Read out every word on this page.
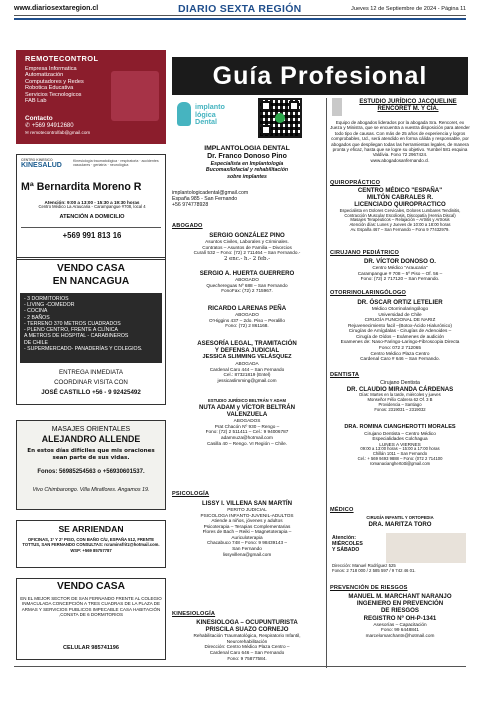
www.diariosextaregion.cl	DIARIO SEXTA REGIÓN	Jueves 12 de Septiembre de 2024 - Página 11
REMOTECONTROL
Empresa Informatica
Automatización
Computadores y Redes
Robotica Educativa
Servicios Tecnologicos
FAB Lab
Contacto
✆ +569 94912680
✉ remotecontrolfab@gmail.com
CENTRO KINESICO
KINESALUD
Kinesiología traumatológica · respiratoria · accidentes vasculares · geriatría · neurológica
Mª Bernardita Moreno R
Atención: 9:00 a 13:00 - 15:30 a 19:30 horas
Centro Médico La Araucaria - Carampangue #708, local 4
ATENCIÓN A DOMICILIO
+569 991 813 16
VENDO CASA
EN NANCAGUA
- 3 DORMITORIOS
- LIVING -COMEDOR
- COCINA
- 2 BAÑOS
- TERRENO 370 METROS CUADRADOS
- PLENO CENTRO, FRENTE A CLÍNICA
A METROS DE HOSPITAL - CARABINEROS
DE CHILE
- SUPERMERCADO- PANADERÍAS Y COLEGIOS.
ENTREGA INMEDIATA
COORDINAR VISITA CON
JOSÉ CASTILLO +56 - 9 92425492
MASAJES ORIENTALES
ALEJANDRO ALLENDE
En estos días difíciles que mis oraciones sean parte de sus vidas.
Fonos: 56985254563 o +56930601537.
Vivo Chimbarongo. Villa Miraflores. Angamos 19.
SE ARRIENDAN
OFICINAS, 1º Y 2º PISO, CON BAÑO C/U, ESPAÑA 512, FRENTE TOTTUS, SAN FERNANDO CONSULTAS: rcraminsfritz@hotmail.com. WSP: +569 85757787
VENDO CASA
EN EL MEJOR SECTOR DE SAN FERNANDO FRENTE AL COLEGIO INMACULADA CONCEPCIÓN A TRES CUADRAS DE LA PLAZA DE ARMAS Y SERVICIOS PUBLICOS IMPECABLE CASA HABITACIÓN ,CONSTA DE 6 DORMITORIOS
CELULAR 985741196
Guía Profesional
implanto
lógica
Dental
IMPLANTOLOGIA DENTAL
Dr. Franco Donoso Pino
Especialista en Implantología
Bucomaxilofacial y rehabilitación
sobre implantes
implantologicadental@gmail.com
España 985 - San Fernando
+56 974778928
ABOGADO
SERGIO GONZÁLEZ PINO
Asuntos Civiles, Laborales y Criminales.
Contratos – Asuntos de Familia – Divorcios
Curalí 532 – Fono: (72) 2 711464 – San Fernando.-
2 enc.- h.- 2 feb.-
SERGIO A. HUERTA GUERRERO
ABOGADO
Quechereguas Nº 688 – San Fernando
FonoFax: (72) 2 715967.
RICARDO LARENAS PEÑA
ABOGADO
O'Higgins 437 – 2do. Piso – Peralillo
Fono: (72) 2 861168.
ASESORÍA LEGAL, TRAMITACIÓN
Y DEFENSA JUDICIAL
JESSICA SLIMMING VELÁSQUEZ
ABOGADA
Cardenal Caro 444 – San Fernando
Cel.: 87321819 (Entel)
jessicaslimming@gmail.com
ESTUDIO JURÍDICO BELTRÁN Y ADAM
NUTA ADAM y VÍCTOR BELTRÁN
VALENZUELA
ABOGADOS
Prat Chacón Nº 930 – Rengo –
Fono: (72) 2 511411 – Cel.: 9 94006787
adamnuza@hotmail.com
Casilla 40 – Rengo. VI Región – Chile.
PSICOLOGÍA
LISSY I. VILLENA SAN MARTÍN
PERITO JUDICIAL
PSICOLOGA INFANTO-JUVENIL-ADULTOS
Atiende a niños, jóvenes y adultos
Psicoterapia – Terapias Complementarias
Flores de Bach – Reiki – Magnetoterapia –
Auriculoterapia
Chacabuco 748 – Fono: 9 98439143 –
San Fernando
lissyvillena@gmail.com
KINESIOLOGÍA
KINESIOLOGA – OCUPUNTURISTA
PRISCILA SUAZO CORNEJO
Rehabilitación Traumatológica, Respiratorio Infantil,
Neurorehabilitación
Dirección: Centro Médico Plaza Centro –
Cardenal Caro 646 – San Fernando
Fono: 9 75877584.
ESTUDIO JURÍDICO JACQUELINE RENCORET M. Y CÍA.
Equipo de abogados liderados por la abogada Sra. Rencoret, ex Jueza y Ministra, que se encuentra a vuestra disposición para atender todo tipo de causas. Con más de 25 años de experiencia y logros comprobables, Ud., será atendido en forma cálida y responsable, por abogados que despliegan todas las herramientas legales, de manera pronta y eficaz, hasta que se logre su objetivo. Yumbel 581 esquina Valdivia. Fono 72 2967424.
www.abogadosanfernando.cl.
QUIROPRÁCTICO
CENTRO MÉDICO "ESPAÑA"
MILTÓN CABRALES R.
LICENCIADO QUIROPRACTICO
Especialista en Dolores Cervicales, Dolores Lumbares Tendinitis, Contracción Muscular Escoliosis, Discopatía (Hernia Discal)
Masajes Terapéuticos – Relajación – Artritis y Artrosis
Atención días: Lunes y Jueves de 10:00 a 18:00 horas
Av. España 467 – San Fernando – Fono 9 77432979.
CIRUJANO PEDIÁTRICO
DR. VÍCTOR DONOSO O.
Centro Médico "Araucaria"
Carampangue # 708 – 5º Piso – Of. 56 –
Fono: (72) 2 717120 – San Fernando.
OTORRINOLARINGÓLOGO
DR. ÓSCAR ORTIZ LETELIER
Médico Otorrinolaringólogo
Universidad de Chile
CIRUGÍA FUNCIONAL DE NARIZ
Rejuvenecimiento facil –(Botox-Ácido Hialurónico)
Cirugías de Amígdalas - Cirugías de Adenoides –
Cirugía de Oídos – Exámenes de audición
Examenes de: Naso-Faringo-Laringo-Fibroscopia Directa
Fono: 072 2 712065
Centro Médico Plaza Centro
Cardenal Caro # 646 – San Fernando.
DENTISTA
Cirujano Dentista
DR. CLAUDIO MIRANDA CÁRDENAS
Días: Martes en la tarde, miércoles y jueves
Monseñor Félix Cabrera 62 Of. 3 B
Providencia – Santiago
Fonos: 2319031 – 2319032
DRA. ROMINA CIANGHEROTTI MORALES
Cirujano Dentista – Centro Médico
Especialidades Colchagua
LUNES A VIERNES
09:00 a 13:00 horas – 15:00 a 17:00 horas
Chillán 1011 – San Fernando
Cel.: + 569 9493 9888 – Fono: (072 2 714100
romanacianghertotti@gmail.com
MÉDICO
CIRUGÍA INFANTIL Y ORTOPEDIA
DRA. MARITZA TORO
Atención:
MIÉRCOLES
Y SÁBADO
Dirección: Manuel Rodríguez 525
Fonos: 2 718 000 / 2 585 597 / 9 742 46 01.
PREVENCIÓN DE RIESGOS
MANUEL M. MARCHANT NARANJO
INGENIERO EN PREVENCIÓN
DE RIESGOS
REGISTRO Nº OH-P-1341
Asesorías – Capacitación
Fono: 99 6448841
marcelomarchantn@hotmail.com
